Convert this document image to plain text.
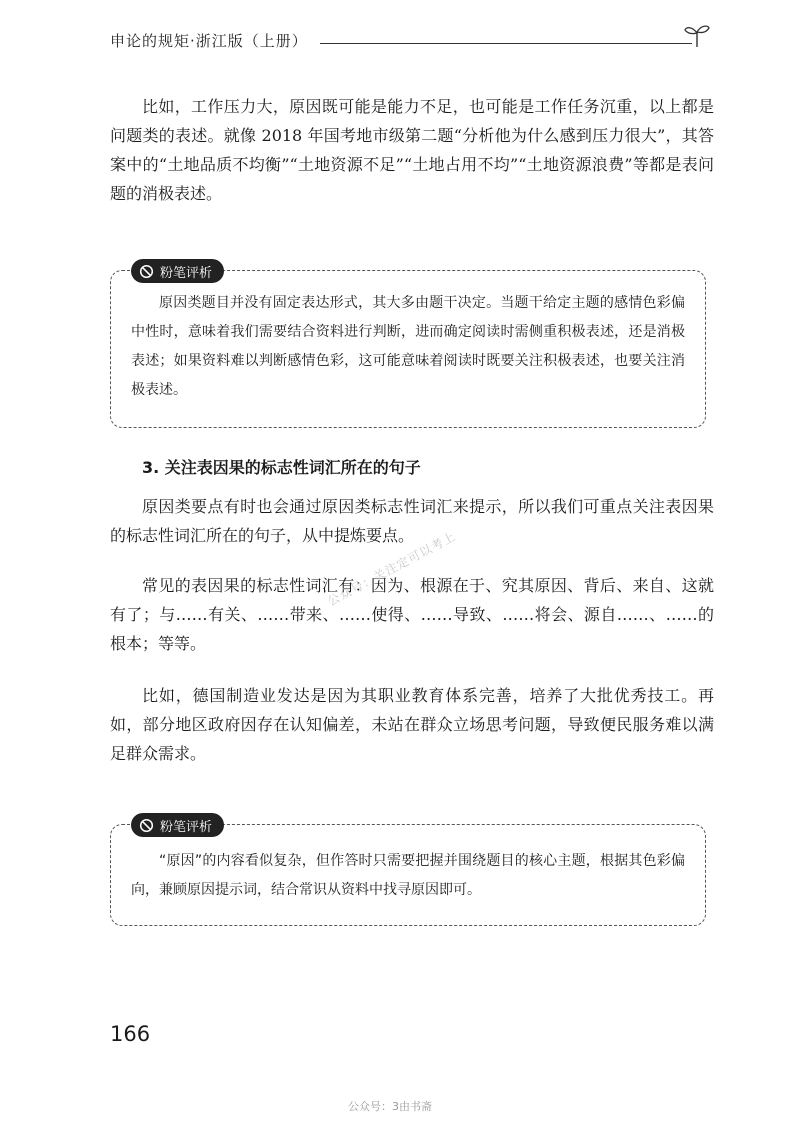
申论的规矩·浙江版（上册）

比如，工作压力大，原因既可能是能力不足，也可能是工作任务沉重，以上都是问题类的表述。就像 2018 年国考地市级第二题“分析他为什么感到压力很大”，其答案中的“土地品质不均衡”“土地资源不足”“土地占用不均”“土地资源浪费”等都是表问题的消极表述。

粉笔评析

原因类题目并没有固定表达形式，其大多由题干决定。当题干给定主题的感情色彩偏中性时，意味着我们需要结合资料进行判断，进而确定阅读时需侧重积极表述，还是消极表述；如果资料难以判断感情色彩，这可能意味着阅读时既要关注积极表述，也要关注消极表述。

3. 关注表因果的标志性词汇所在的句子

原因类要点有时也会通过原因类标志性词汇来提示，所以我们可重点关注表因果的标志性词汇所在的句子，从中提炼要点。

常见的表因果的标志性词汇有：因为、根源在于、究其原因、背后、来自、这就有了；与……有关、……带来、……使得、……导致、……将会、源自……、……的根本；等等。

比如，德国制造业发达是因为其职业教育体系完善，培养了大批优秀技工。再如，部分地区政府因存在认知偏差，未站在群众立场思考问题，导致便民服务难以满足群众需求。

粉笔评析

“原因”的内容看似复杂，但作答时只需要把握并围绕题目的核心主题，根据其色彩偏向，兼顾原因提示词，结合常识从资料中找寻原因即可。

公众号：关注定可以考上
166
公众号：3由书斋
